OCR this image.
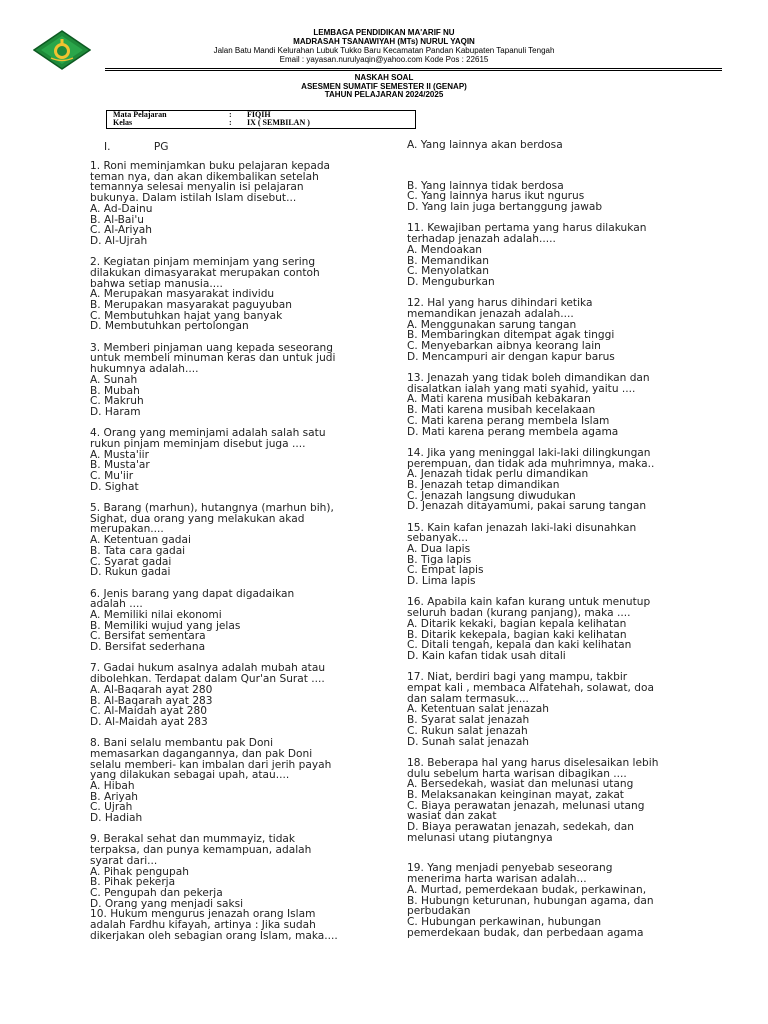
LEMBAGA PENDIDIKAN MA'ARIF NU
MADRASAH TSANAWIYAH (MTs) NURUL YAQIN
Jalan Batu Mandi Kelurahan Lubuk Tukko Baru Kecamatan Pandan Kabupaten Tapanuli Tengah
Email : yayasan.nurulyaqin@yahoo.com Kode Pos : 22615
NASKAH SOAL
ASESMEN SUMATIF SEMESTER II (GENAP)
TAHUN PELAJARAN 2024/2025
Mata Pelajaran	: FIQIH
Kelas	: IX ( SEMBILAN )
I.	PG
1. Roni meminjamkan buku pelajaran kepada
teman nya, dan akan dikembalikan setelah
temannya selesai menyalin isi pelajaran
bukunya. Dalam istilah Islam disebut...
A. Ad-Dainu
B. Al-Bai'u
C. Al-Ariyah
D. Al-Ujrah
2. Kegiatan pinjam meminjam yang sering
dilakukan dimasyarakat merupakan contoh
bahwa setiap manusia....
A. Merupakan masyarakat individu
B. Merupakan masyarakat paguyuban
C. Membutuhkan hajat yang banyak
D. Membutuhkan pertolongan
3. Memberi pinjaman uang kepada seseorang
untuk membeli minuman keras dan untuk judi
hukumnya adalah....
A. Sunah
B. Mubah
C. Makruh
D. Haram
4. Orang yang meminjami adalah salah satu
rukun pinjam meminjam disebut juga ....
A. Musta'iir
B. Musta'ar
C. Mu'iir
D. Sighat
5. Barang (marhun), hutangnya (marhun bih),
Sighat, dua orang yang melakukan akad
merupakan....
A. Ketentuan gadai
B. Tata cara gadai
C. Syarat gadai
D. Rukun gadai
6. Jenis barang yang dapat digadaikan
adalah ....
A. Memiliki nilai ekonomi
B. Memiliki wujud yang jelas
C. Bersifat sementara
D. Bersifat sederhana
7. Gadai hukum asalnya adalah mubah atau
dibolehkan. Terdapat dalam Qur'an Surat ....
A. Al-Baqarah ayat 280
B. Al-Baqarah ayat 283
C. Al-Maidah ayat 280
D. Al-Maidah ayat 283
8. Bani selalu membantu pak Doni
memasarkan dagangannya, dan pak Doni
selalu memberi- kan imbalan dari jerih payah
yang dilakukan sebagai upah, atau....
A. Hibah
B. Ariyah
C. Ujrah
D. Hadiah
9. Berakal sehat dan mummayiz, tidak
terpaksa, dan punya kemampuan, adalah
syarat dari...
A. Pihak pengupah
B. Pihak pekerja
C. Pengupah dan pekerja
D. Orang yang menjadi saksi
10. Hukum mengurus jenazah orang Islam
adalah Fardhu kifayah, artinya : Jika sudah
dikerjakan oleh sebagian orang Islam, maka....
A. Yang lainnya akan berdosa
B. Yang lainnya tidak berdosa
C. Yang lainnya harus ikut ngurus
D. Yang lain juga bertanggung jawab
11. Kewajiban pertama yang harus dilakukan
terhadap jenazah adalah.....
A. Mendoakan
B. Memandikan
C. Menyolatkan
D. Menguburkan
12. Hal yang harus dihindari ketika
memandikan jenazah adalah....
A. Menggunakan sarung tangan
B. Membaringkan ditempat agak tinggi
C. Menyebarkan aibnya keorang lain
D. Mencampuri air dengan kapur barus
13. Jenazah yang tidak boleh dimandikan dan
disalatkan ialah yang mati syahid, yaitu ....
A. Mati karena musibah kebakaran
B. Mati karena musibah kecelakaan
C. Mati karena perang membela Islam
D. Mati karena perang membela agama
14. Jika yang meninggal laki-laki dilingkungan
perempuan, dan tidak ada muhrimnya, maka..
A. Jenazah tidak perlu dimandikan
B. Jenazah tetap dimandikan
C. Jenazah langsung diwudukan
D. Jenazah ditayamumi, pakai sarung tangan
15. Kain kafan jenazah laki-laki disunahkan
sebanyak...
A. Dua lapis
B. Tiga lapis
C. Empat lapis
D. Lima lapis
16. Apabila kain kafan kurang untuk menutup
seluruh badan (kurang panjang), maka ....
A. Ditarik kekaki, bagian kepala kelihatan
B. Ditarik kekepala, bagian kaki kelihatan
C. Ditali tengah, kepala dan kaki kelihatan
D. Kain kafan tidak usah ditali
17. Niat, berdiri bagi yang mampu, takbir
empat kali , membaca Alfatehah, solawat, doa
dan salam termasuk....
A. Ketentuan salat jenazah
B. Syarat salat jenazah
C. Rukun salat jenazah
D. Sunah salat jenazah
18. Beberapa hal yang harus diselesaikan lebih
dulu sebelum harta warisan dibagikan ....
A. Bersedekah, wasiat dan melunasi utang
B. Melaksanakan keinginan mayat, zakat
C. Biaya perawatan jenazah, melunasi utang
wasiat dan zakat
D. Biaya perawatan jenazah, sedekah, dan
melunasi utang piutangnya
19. Yang menjadi penyebab seseorang
menerima harta warisan adalah...
A. Murtad, pemerdekaan budak, perkawinan,
B. Hubungn keturunan, hubungan agama, dan
perbudakan
C. Hubungan perkawinan, hubungan
pemerdekaan budak, dan perbedaan agama
